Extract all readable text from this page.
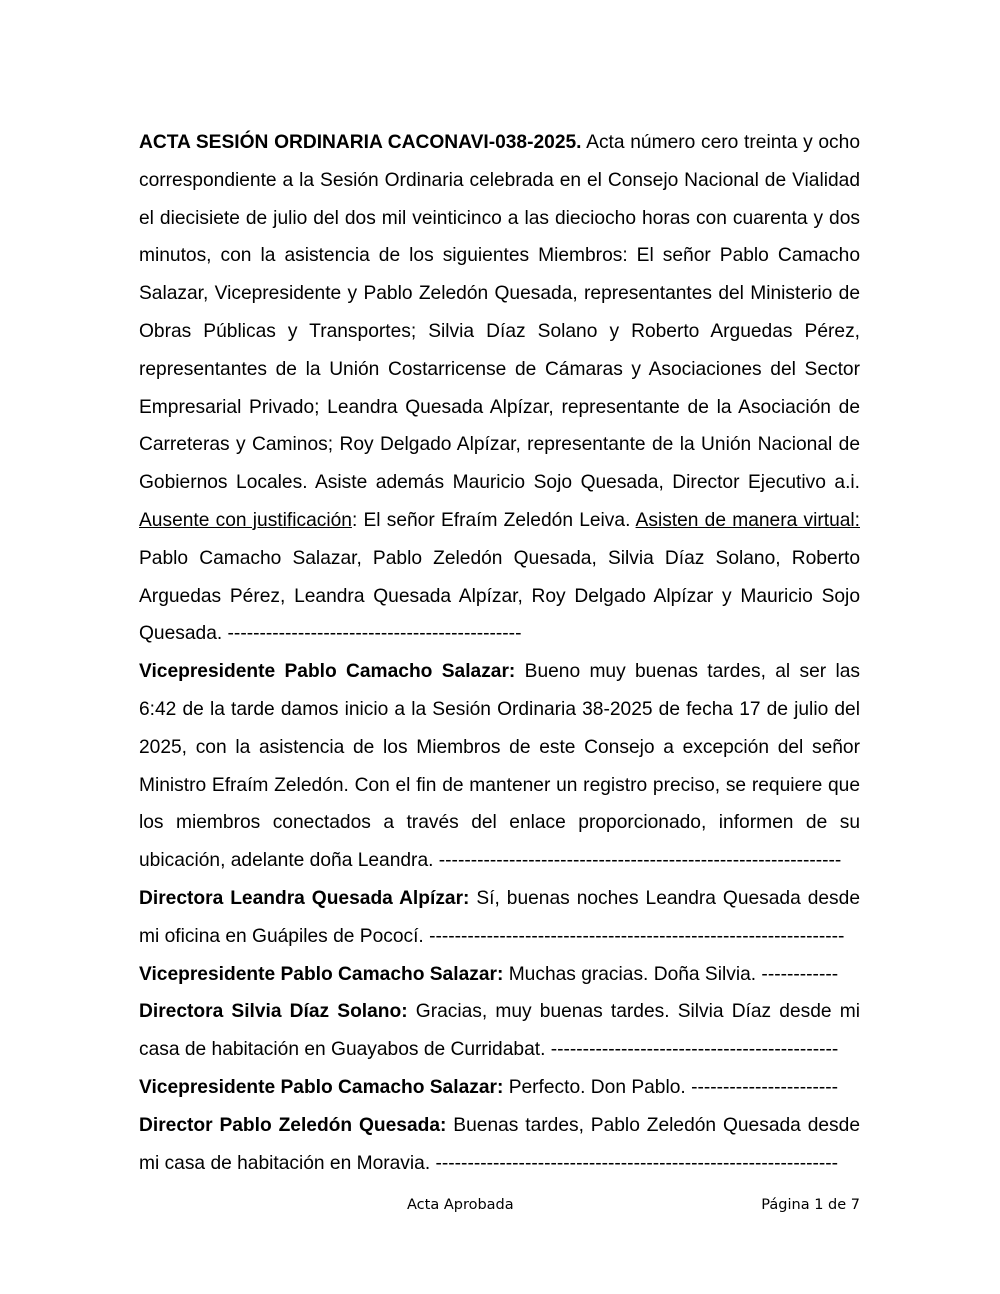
ACTA SESIÓN ORDINARIA CACONAVI-038-2025. Acta número cero treinta y ocho correspondiente a la Sesión Ordinaria celebrada en el Consejo Nacional de Vialidad el diecisiete de julio del dos mil veinticinco a las dieciocho horas con cuarenta y dos minutos, con la asistencia de los siguientes Miembros: El señor Pablo Camacho Salazar, Vicepresidente y Pablo Zeledón Quesada, representantes del Ministerio de Obras Públicas y Transportes; Silvia Díaz Solano y Roberto Arguedas Pérez, representantes de la Unión Costarricense de Cámaras y Asociaciones del Sector Empresarial Privado; Leandra Quesada Alpízar, representante de la Asociación de Carreteras y Caminos; Roy Delgado Alpízar, representante de la Unión Nacional de Gobiernos Locales. Asiste además Mauricio Sojo Quesada, Director Ejecutivo a.i. Ausente con justificación: El señor Efraím Zeledón Leiva. Asisten de manera virtual: Pablo Camacho Salazar, Pablo Zeledón Quesada, Silvia Díaz Solano, Roberto Arguedas Pérez, Leandra Quesada Alpízar, Roy Delgado Alpízar y Mauricio Sojo Quesada. ----------------------------------------------

Vicepresidente Pablo Camacho Salazar: Bueno muy buenas tardes, al ser las 6:42 de la tarde damos inicio a la Sesión Ordinaria 38-2025 de fecha 17 de julio del 2025, con la asistencia de los Miembros de este Consejo a excepción del señor Ministro Efraím Zeledón. Con el fin de mantener un registro preciso, se requiere que los miembros conectados a través del enlace proporcionado, informen de su ubicación, adelante doña Leandra. ---------------------------------------------------------------

Directora Leandra Quesada Alpízar: Sí, buenas noches Leandra Quesada desde mi oficina en Guápiles de Pococí. -----------------------------------------------------------------

Vicepresidente Pablo Camacho Salazar: Muchas gracias. Doña Silvia. ------------

Directora Silvia Díaz Solano: Gracias, muy buenas tardes. Silvia Díaz desde mi casa de habitación en Guayabos de Curridabat. ---------------------------------------------

Vicepresidente Pablo Camacho Salazar: Perfecto. Don Pablo. -----------------------

Director Pablo Zeledón Quesada: Buenas tardes, Pablo Zeledón Quesada desde mi casa de habitación en Moravia. ---------------------------------------------------------------

Acta Aprobada	Página 1 de 7
